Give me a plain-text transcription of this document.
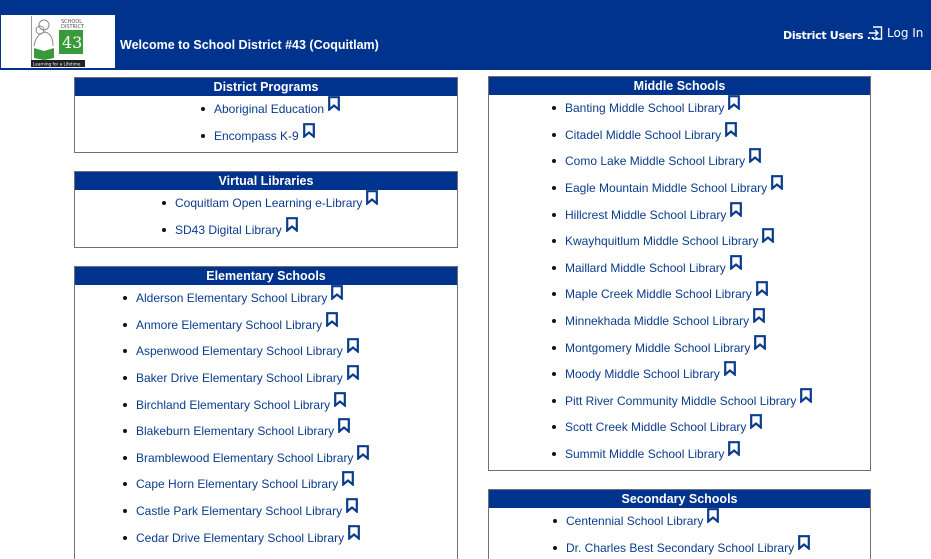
SCHOOL
DISTRICT
43
Learning for a Lifetime
Welcome to School District #43 (Coquitlam)
District Users ... Log In
District Programs
Aboriginal Education
Encompass K-9
Virtual Libraries
Coquitlam Open Learning e-Library
SD43 Digital Library
Elementary Schools
Alderson Elementary School Library
Anmore Elementary School Library
Aspenwood Elementary School Library
Baker Drive Elementary School Library
Birchland Elementary School Library
Blakeburn Elementary School Library
Bramblewood Elementary School Library
Cape Horn Elementary School Library
Castle Park Elementary School Library
Cedar Drive Elementary School Library
Middle Schools
Banting Middle School Library
Citadel Middle School Library
Como Lake Middle School Library
Eagle Mountain Middle School Library
Hillcrest Middle School Library
Kwayhquitlum Middle School Library
Maillard Middle School Library
Maple Creek Middle School Library
Minnekhada Middle School Library
Montgomery Middle School Library
Moody Middle School Library
Pitt River Community Middle School Library
Scott Creek Middle School Library
Summit Middle School Library
Secondary Schools
Centennial School Library
Dr. Charles Best Secondary School Library
